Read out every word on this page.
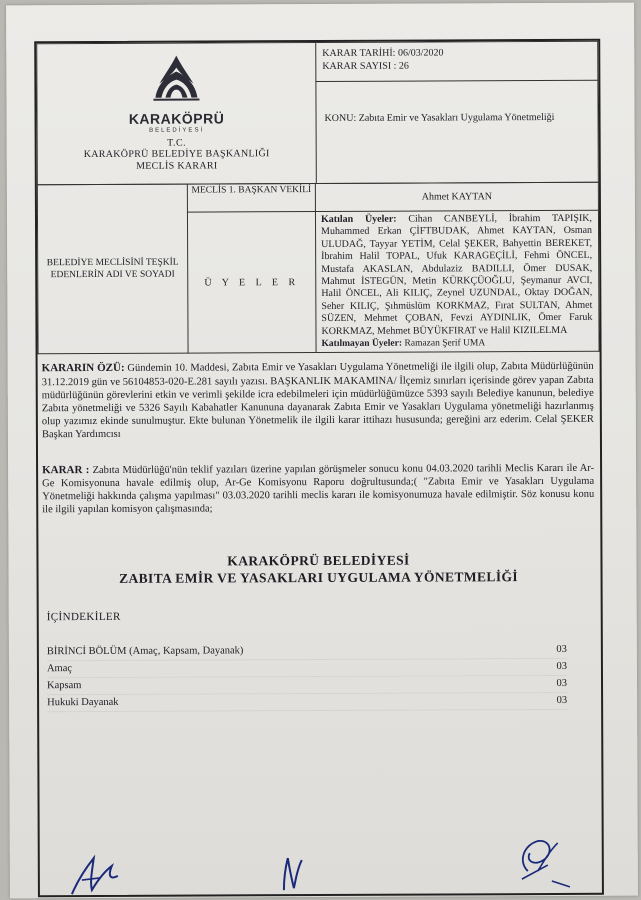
KARAKÖPRÜ
BELEDİYESİ
T.C.
KARAKÖPRÜ BELEDİYE BAŞKANLIĞI
MECLİS KARARI

KARAR TARİHİ: 06/03/2020
KARAR SAYISI : 26

KONU: Zabıta Emir ve Yasakları Uygulama Yönetmeliği
BELEDİYE MECLİSİNİ TEŞKİL EDENLERİN ADI VE SOYADI	MECLİS 1. BAŞKAN VEKİLİ	Ahmet KAYTAN
	Ü Y E L E R	Katılan Üyeler: Cihan CANBEYLİ, İbrahim TAPIŞIK, Muhammed Erkan ÇİFTBUDAK, Ahmet KAYTAN, Osman ULUDAĞ, Tayyar YETİM, Celal ŞEKER, Bahyettin BEREKET, İbrahim Halil TOPAL, Ufuk KARAGEÇİLİ, Fehmi ÖNCEL, Mustafa AKASLAN, Abdulaziz BADILLI, Ömer DUSAK, Mahmut İSTEGÜN, Metin KÜRKÇÜOĞLU, Şeymanur AVCI, Halil ÖNCEL, Ali KILIÇ, Zeynel UZUNDAL, Oktay DOĞAN, Seher KILIÇ, Şıhmüslüm KORKMAZ, Fırat SULTAN, Ahmet SÜZEN, Mehmet ÇOBAN, Fevzi AYDINLIK, Ömer Faruk KORKMAZ, Mehmet BÜYÜKFIRAT ve Halil KIZILELMA
Katılmayan Üyeler: Ramazan Şerif UMA

KARARIN ÖZÜ: Gündemin 10. Maddesi, Zabıta Emir ve Yasakları Uygulama Yönetmeliği ile ilgili olup, Zabıta Müdürlüğünün 31.12.2019 gün ve 56104853-020-E.281 sayılı yazısı. BAŞKANLIK MAKAMINA/ İlçemiz sınırları içerisinde görev yapan Zabıta müdürlüğünün görevlerini etkin ve verimli şekilde icra edebilmeleri için müdürlüğümüzce 5393 sayılı Belediye kanunun, belediye Zabıta yönetmeliği ve 5326 Sayılı Kabahatler Kanununa dayanarak Zabıta Emir ve Yasakları Uygulama yönetmeliği hazırlanmış olup yazımız ekinde sunulmuştur. Ekte bulunan Yönetmelik ile ilgili karar ittihazı hususunda; gereğini arz ederim. Celal ŞEKER Başkan Yardımcısı

KARAR : Zabıta Müdürlüğü'nün teklif yazıları üzerine yapılan görüşmeler sonucu konu 04.03.2020 tarihli Meclis Kararı ile Ar-Ge Komisyonuna havale edilmiş olup, Ar-Ge Komisyonu Raporu doğrultusunda;( "Zabıta Emir ve Yasakları Uygulama Yönetmeliği hakkında çalışma yapılması" 03.03.2020 tarihli meclis kararı ile komisyonumuza havale edilmiştir. Söz konusu konu ile ilgili yapılan komisyon çalışmasında;

KARAKÖPRÜ BELEDİYESİ
ZABITA EMİR VE YASAKLARI UYGULAMA YÖNETMELİĞİ
İÇİNDEKİLER
BİRİNCİ BÖLÜM (Amaç, Kapsam, Dayanak)	03
Amaç	03
Kapsam	03
Hukuki Dayanak	03
